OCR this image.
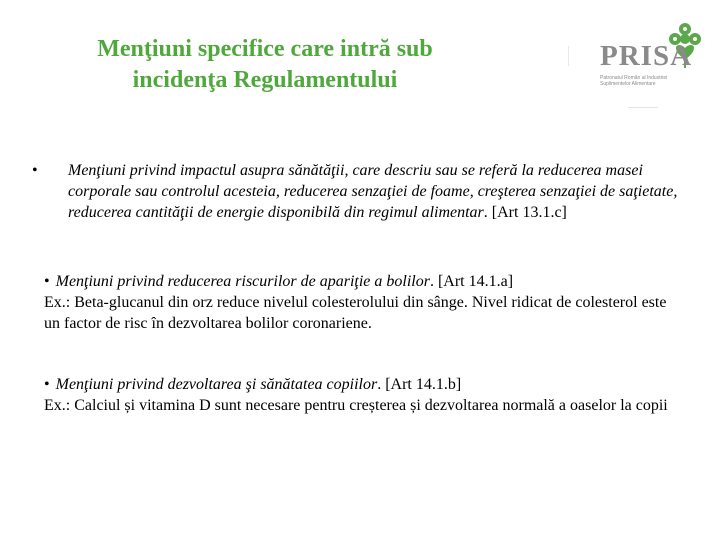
Menţiuni specifice care intră sub
incidenţa Regulamentului
PRISA
Patronatul Român al Industriei Suplimentelor Alimentare
• Menţiuni privind impactul asupra sănătăţii, care descriu sau se referă la reducerea masei corporale sau controlul acesteia, reducerea senzaţiei de foame, creşterea senzaţiei de saţietate, reducerea cantităţii de energie disponibilă din regimul alimentar. [Art 13.1.c]
• Menţiuni privind reducerea riscurilor de apariţie a bolilor. [Art 14.1.a]
Ex.: Beta-glucanul din orz reduce nivelul colesterolului din sânge. Nivel ridicat de colesterol este un factor de risc în dezvoltarea bolilor coronariene.
• Menţiuni privind dezvoltarea şi sănătatea copiilor. [Art 14.1.b]
Ex.: Calciul și vitamina D sunt necesare pentru creșterea și dezvoltarea normală a oaselor la copii
